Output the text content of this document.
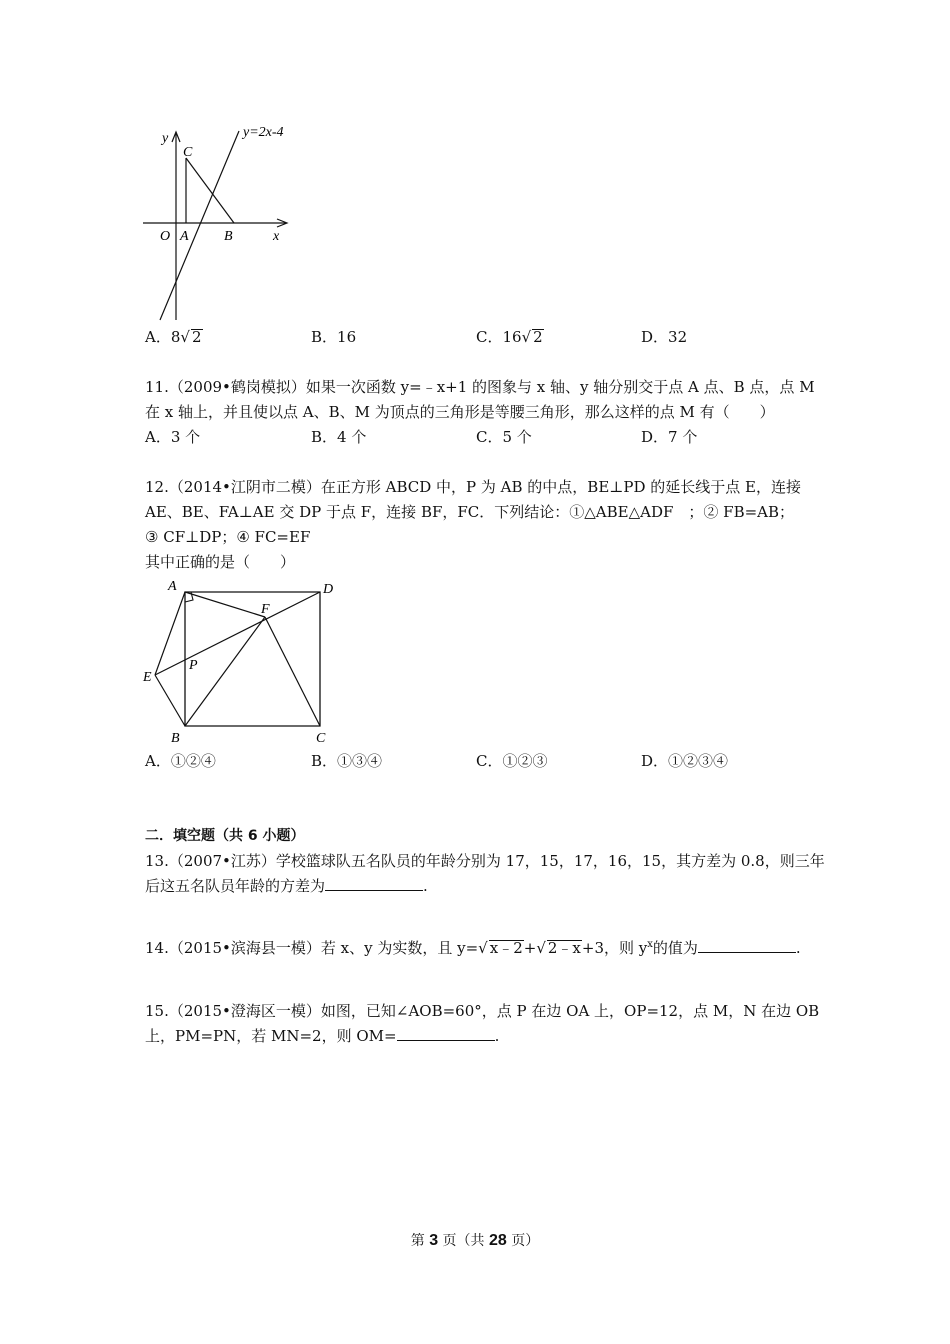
y=2x-4
y
x
O A	B
C
A．8√ 2	B．16	C．16√ 2	D．32
11.（2009•鹤岗模拟）如果一次函数 y=﹣x+1 的图象与 x 轴、y 轴分别交于点 A 点、B 点，点 M
在 x 轴上，并且使以点 A、B、M 为顶点的三角形是等腰三角形，那么这样的点 M 有（　　）
A．3 个	B．4 个	C．5 个	D．7 个
12.（2014•江阴市二模）在正方形 ABCD 中，P 为 AB 的中点，BE⊥PD 的延长线于点 E，连接
AE、BE、FA⊥AE 交 DP 于点 F，连接 BF，FC．下列结论：①△ABE△ADF　；② FB=AB；
③ CF⊥DP；④ FC=EF
其中正确的是（　　）
A	D
F
P
E
B	C
A．①②④	B．①③④	C．①②③	D．①②③④
二．填空题（共 6 小题）
13.（2007•江苏）学校篮球队五名队员的年龄分别为 17，15，17，16，15，其方差为 0.8，则三年
后这五名队员年龄的方差为	.
14.（2015•滨海县一模）若 x、y 为实数，且 y=√ x﹣2+√ 2﹣x+3，则 $y^x$的值为	.
15.（2015•澄海区一模）如图，已知∠AOB=60°，点 P 在边 OA 上，OP=12，点 M，N 在边 OB
上，PM=PN，若 MN=2，则 OM=	.
第 3 页（共 28 页）
